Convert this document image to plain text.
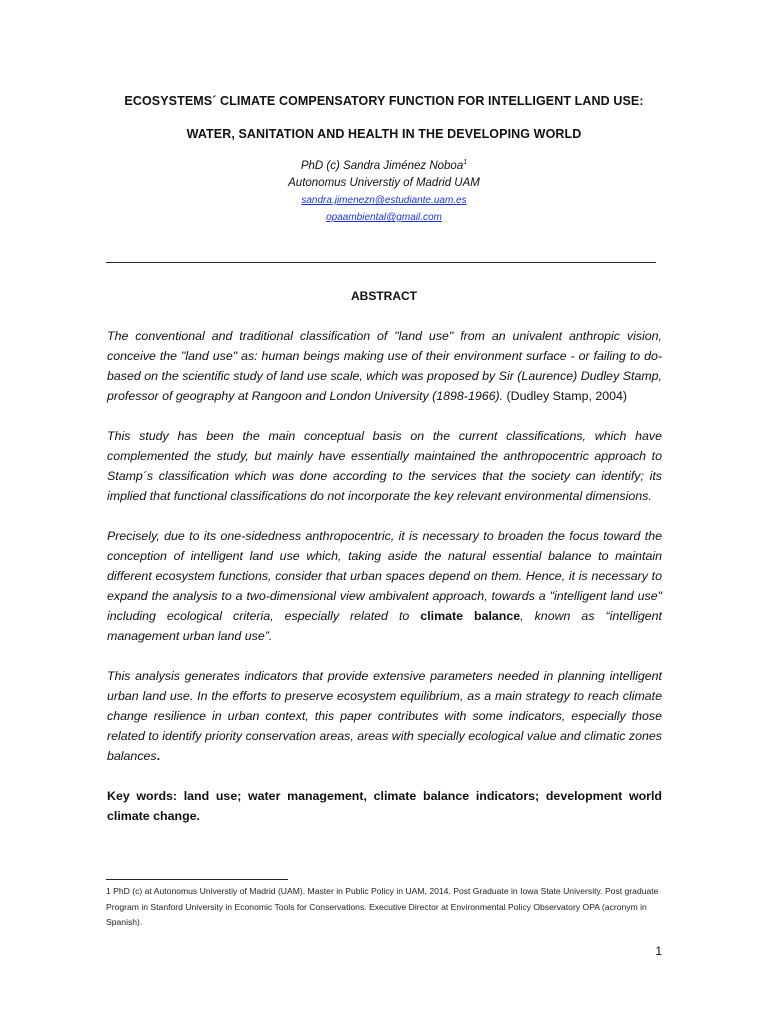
ECOSYSTEMS´ CLIMATE COMPENSATORY FUNCTION FOR INTELLIGENT LAND USE:
WATER, SANITATION AND HEALTH IN THE DEVELOPING WORLD
PhD (c) Sandra Jiménez Noboa$^1$
Autonomus Universtiy of Madrid UAM
sandra.jimenezn@estudiante.uam.es
opaambiental@gmail.com
ABSTRACT

The conventional and traditional classification of "land use" from an univalent anthropic vision, conceive the "land use" as: human beings making use of their environment surface - or failing to do- based on the scientific study of land use scale, which was proposed by Sir (Laurence) Dudley Stamp, professor of geography at Rangoon and London University (1898-1966). (Dudley Stamp, 2004)

This study has been the main conceptual basis on the current classifications, which have complemented the study, but mainly have essentially maintained the anthropocentric approach to Stamp´s classification which was done according to the services that the society can identify; its implied that functional classifications do not incorporate the key relevant environmental dimensions.

Precisely, due to its one-sidedness anthropocentric, it is necessary to broaden the focus toward the conception of intelligent land use which, taking aside the natural essential balance to maintain different ecosystem functions, consider that urban spaces depend on them. Hence, it is necessary to expand the analysis to a two-dimensional view ambivalent approach, towards a "intelligent land use" including ecological criteria, especially related to climate balance, known as “intelligent management urban land use”.

This analysis generates indicators that provide extensive parameters needed in planning intelligent urban land use. In the efforts to preserve ecosystem equilibrium, as a main strategy to reach climate change resilience in urban context, this paper contributes with some indicators, especially those related to identify priority conservation areas, areas with specially ecological value and climatic zones balances.

Key words: land use; water management, climate balance indicators; development world climate change.

1 PhD (c) at Autonomus Universtiy of Madrid (UAM). Master in Public Policy in UAM, 2014. Post Graduate in Iowa State University. Post graduate Program in Stanford University in Economic Tools for Conservations. Executive Director at Environmental Policy Observatory OPA (acronym in Spanish).
1
